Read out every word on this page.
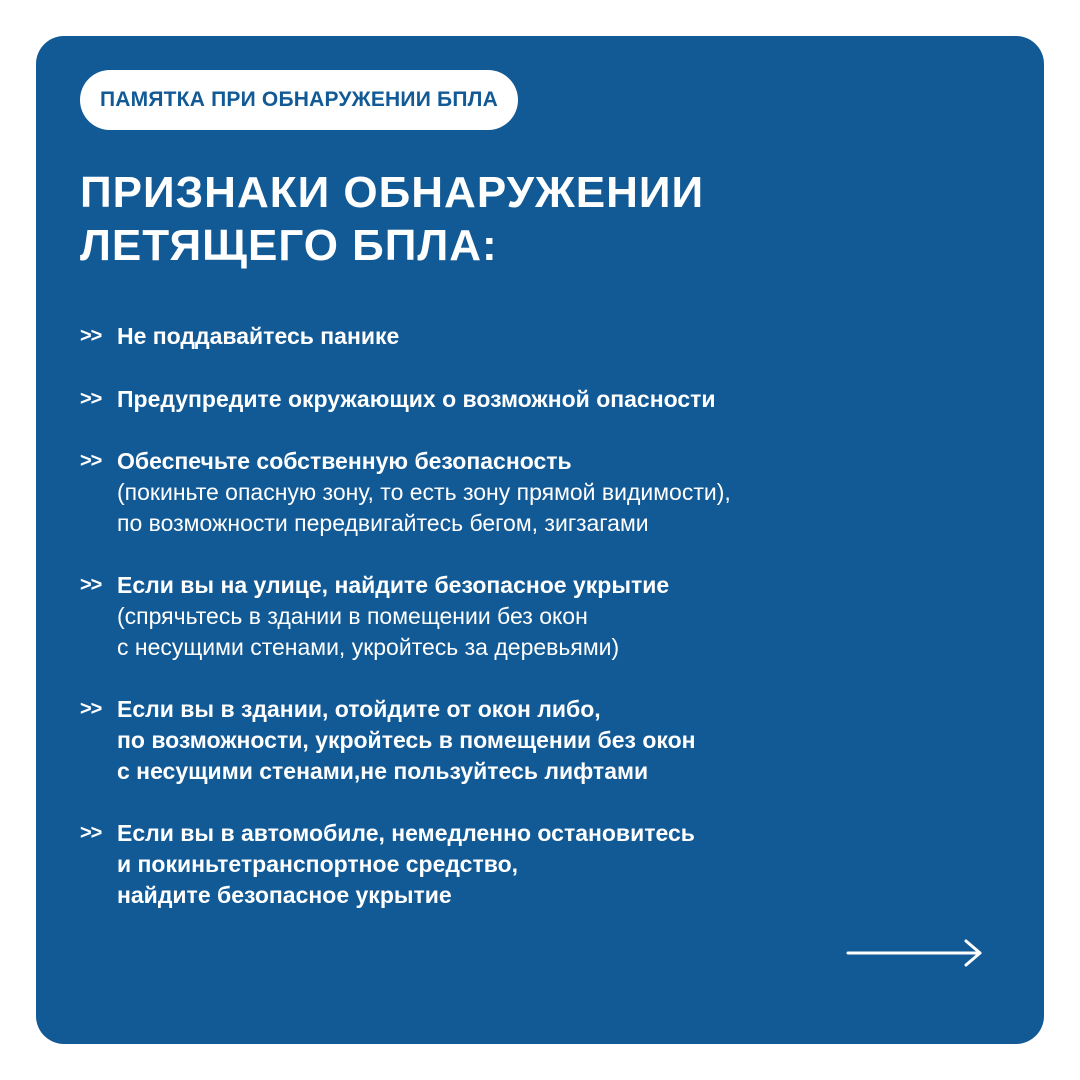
ПАМЯТКА ПРИ ОБНАРУЖЕНИИ БПЛА
ПРИЗНАКИ ОБНАРУЖЕНИИ
ЛЕТЯЩЕГО БПЛА:
>> Не поддавайтесь панике
>> Предупредите окружающих о возможной опасности
>> Обеспечьте собственную безопасность
(покиньте опасную зону, то есть зону прямой видимости),
по возможности передвигайтесь бегом, зигзагами
>> Если вы на улице, найдите безопасное укрытие
(спрячьтесь в здании в помещении без окон
с несущими стенами, укройтесь за деревьями)
>> Если вы в здании, отойдите от окон либо,
по возможности, укройтесь в помещении без окон
с несущими стенами,не пользуйтесь лифтами
>> Если вы в автомобиле, немедленно остановитесь
и покиньтетранспортное средство,
найдите безопасное укрытие
